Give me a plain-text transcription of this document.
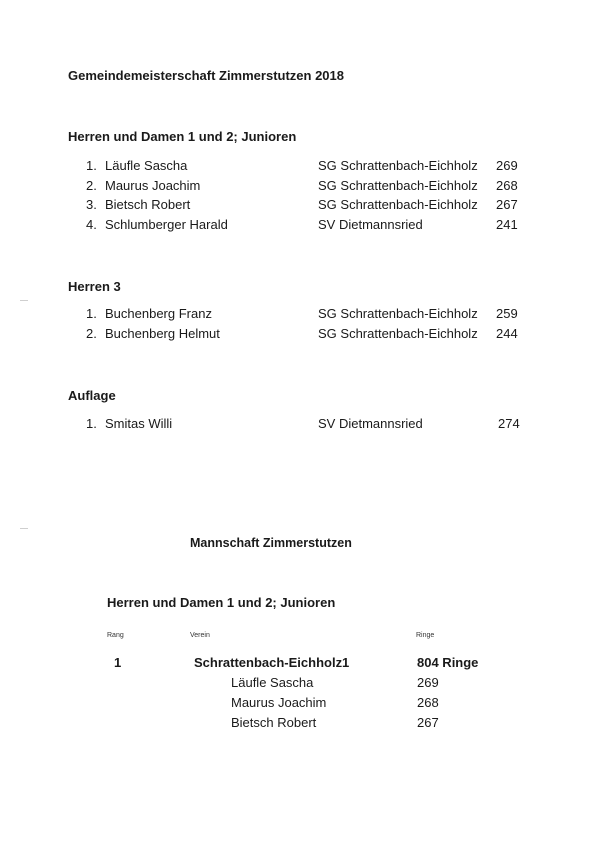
Gemeindemeisterschaft Zimmerstutzen 2018
Herren und Damen 1 und 2; Junioren
1. Läufle Sascha	SG Schrattenbach-Eichholz 269
2. Maurus Joachim	SG Schrattenbach-Eichholz 268
3. Bietsch Robert	SG Schrattenbach-Eichholz 267
4. Schlumberger Harald	SV Dietmannsried	241
Herren 3
1. Buchenberg Franz	SG Schrattenbach-Eichholz 259
2. Buchenberg Helmut	SG Schrattenbach-Eichholz 244
Auflage
1. Smitas Willi	SV Dietmannsried	274
Mannschaft Zimmerstutzen
Herren und Damen 1 und 2; Junioren
Rang	Verein	Ringe
1	Schrattenbach-Eichholz 1	804 Ringe
Läufle Sascha	269
Maurus Joachim	268
Bietsch Robert	267
